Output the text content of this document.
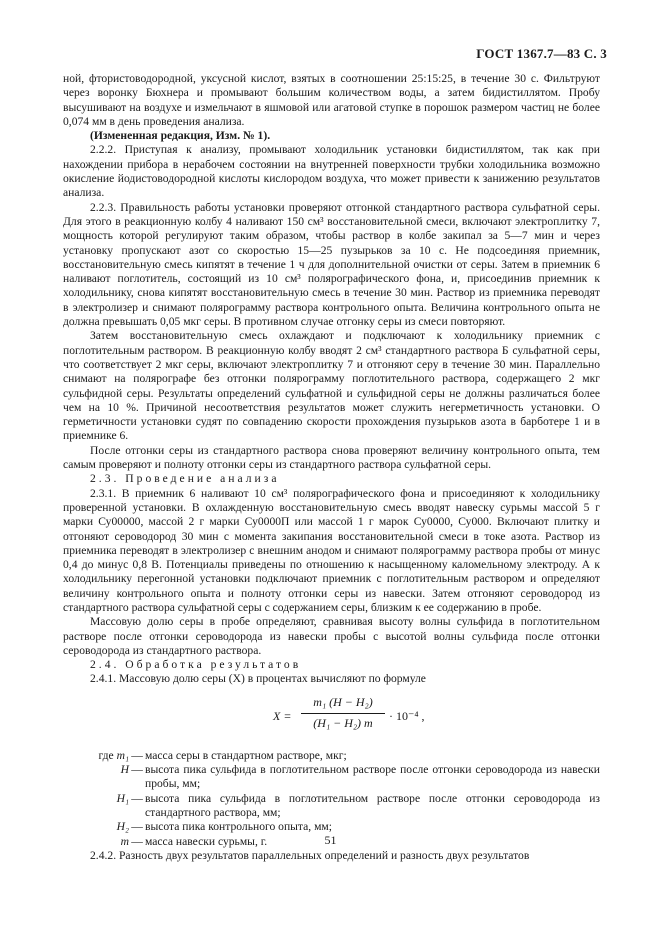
ГОСТ 1367.7—83 С. 3

ной, фтористоводородной, уксусной кислот, взятых в соотношении 25:15:25, в течение 30 с. Фильтруют через воронку Бюхнера и промывают большим количеством воды, а затем бидистиллятом. Пробу высушивают на воздухе и измельчают в яшмовой или агатовой ступке в порошок размером частиц не более 0,074 мм в день проведения анализа.

(Измененная редакция, Изм. № 1).

2.2.2. Приступая к анализу, промывают холодильник установки бидистиллятом, так как при нахождении прибора в нерабочем состоянии на внутренней поверхности трубки холодильника возможно окисление йодистоводородной кислоты кислородом воздуха, что может привести к занижению результатов анализа.

2.2.3. Правильность работы установки проверяют отгонкой стандартного раствора сульфатной серы. Для этого в реакционную колбу 4 наливают 150 см³ восстановительной смеси, включают электроплитку 7, мощность которой регулируют таким образом, чтобы раствор в колбе закипал за 5—7 мин и через установку пропускают азот со скоростью 15—25 пузырьков за 10 с. Не подсоединяя приемник, восстановительную смесь кипятят в течение 1 ч для дополнительной очистки от серы. Затем в приемник 6 наливают поглотитель, состоящий из 10 см³ полярографического фона, и, присоединив приемник к холодильнику, снова кипятят восстановительную смесь в течение 30 мин. Раствор из приемника переводят в электролизер и снимают полярограмму раствора контрольного опыта. Величина контрольного опыта не должна превышать 0,05 мкг серы. В противном случае отгонку серы из смеси повторяют.

Затем восстановительную смесь охлаждают и подключают к холодильнику приемник с поглотительным раствором. В реакционную колбу вводят 2 см³ стандартного раствора Б сульфатной серы, что соответствует 2 мкг серы, включают электроплитку 7 и отгоняют серу в течение 30 мин. Параллельно снимают на полярографе без отгонки полярограмму поглотительного раствора, содержащего 2 мкг сульфидной серы. Результаты определений сульфатной и сульфидной серы не должны различаться более чем на 10 %. Причиной несоответствия результатов может служить негерметичность установки. О герметичности установки судят по совпадению скорости прохождения пузырьков азота в барботере 1 и в приемнике 6.

После отгонки серы из стандартного раствора снова проверяют величину контрольного опыта, тем самым проверяют и полноту отгонки серы из стандартного раствора сульфатной серы.

2.3. Проведение анализа

2.3.1. В приемник 6 наливают 10 см³ полярографического фона и присоединяют к холодильнику проверенной установки. В охлажденную восстановительную смесь вводят навеску сурьмы массой 5 г марки Су00000, массой 2 г марки Су0000П или массой 1 г марок Су0000, Су000. Включают плитку и отгоняют сероводород 30 мин с момента закипания восстановительной смеси в токе азота. Раствор из приемника переводят в электролизер с внешним анодом и снимают полярограмму раствора пробы от минус 0,4 до минус 0,8 В. Потенциалы приведены по отношению к насыщенному каломельному электроду. А к холодильнику перегонной установки подключают приемник с поглотительным раствором и определяют величину контрольного опыта и полноту отгонки серы из навески. Затем отгоняют сероводород из стандартного раствора сульфатной серы с содержанием серы, близким к ее содержанию в пробе.

Массовую долю серы в пробе определяют, сравнивая высоту волны сульфида в поглотительном растворе после отгонки сероводорода из навески пробы с высотой волны сульфида после отгонки сероводорода из стандартного раствора.

2.4. Обработка результатов

2.4.1. Массовую долю серы (X) в процентах вычисляют по формуле

X =
m₁ (H − H₂)
(H₁ − H₂) m	· 10⁻⁴ ,
где m₁ — масса серы в стандартном растворе, мкг;
H — высота пика сульфида в поглотительном растворе после отгонки сероводорода из навески пробы, мм;
H₁ — высота пика сульфида в поглотительном растворе после отгонки сероводорода из стандартного раствора, мм;
H₂ — высота пика контрольного опыта, мм;
m — масса навески сурьмы, г.

2.4.2. Разность двух результатов параллельных определений и разность двух результатов

51
